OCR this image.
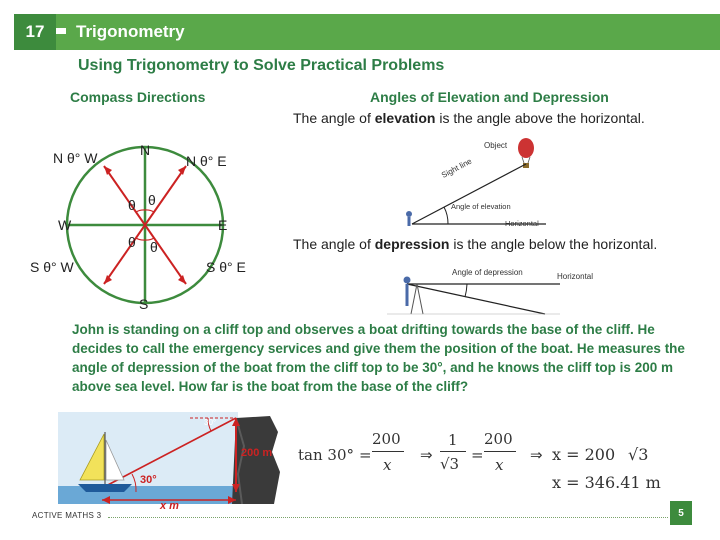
17 Trigonometry
Using Trigonometry to Solve Practical Problems
Compass Directions	Angles of Elevation and Depression
The angle of elevation is the angle above the horizontal.
The angle of depression is the angle below the horizontal.
N
S
E
W
N θ° E
N θ° W
S θ° E
S θ° W
θ θ
θ θ
Object
Sight line
Angle of elevation
Horizontal
Angle of depression	Horizontal
John is standing on a cliff top and observes a boat drifting towards the base of the cliff. He decides to call the emergency services and give them the position of the boat. He measures the angle of depression of the boat from the cliff top to be 30°, and he knows the cliff top is 200 m above sea level. How far is the boat from the base of the cliff?
30°
200 m
30°
x m
tan 30° =
200
x
⇒
1
√3 =
200
x
⇒ x = 200 √3
x = 346.41 m
ACTIVE MATHS 3	5
